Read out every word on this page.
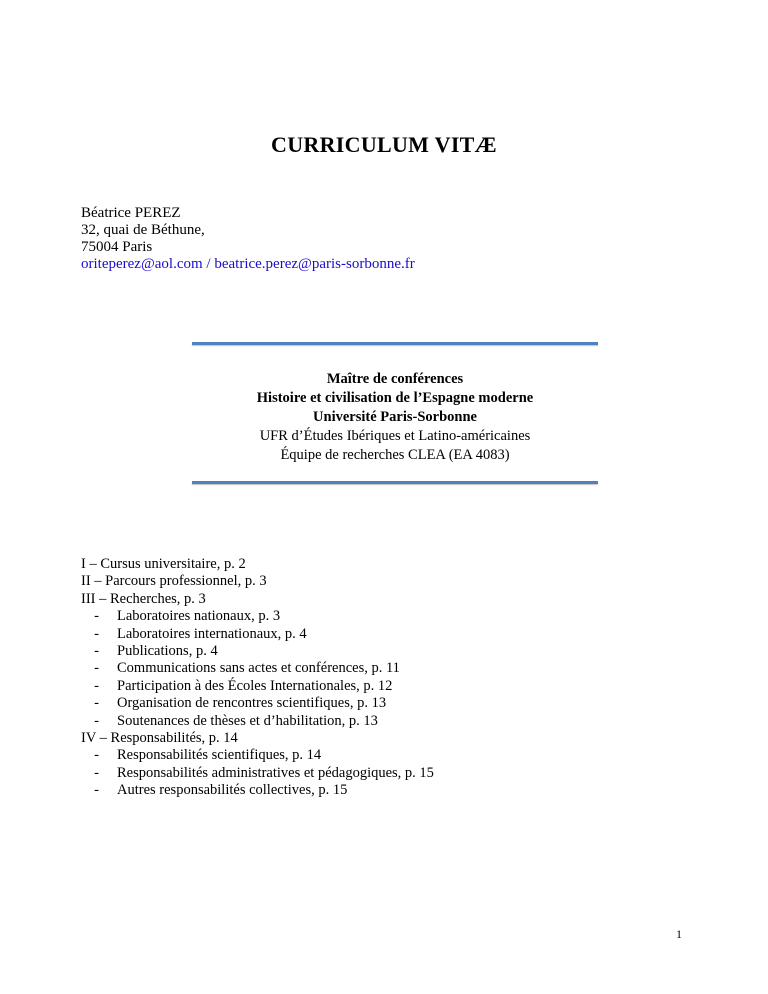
CURRICULUM VITÆ
Béatrice PEREZ
32, quai de Béthune,
75004 Paris
oriteperez@aol.com / beatrice.perez@paris-sorbonne.fr
Maître de conférences
Histoire et civilisation de l’Espagne moderne
Université Paris-Sorbonne
UFR d’Études Ibériques et Latino-américaines
Équipe de recherches CLEA (EA 4083)
I – Cursus universitaire, p. 2
II – Parcours professionnel, p. 3
III – Recherches, p. 3
-	Laboratoires nationaux, p. 3
-	Laboratoires internationaux, p. 4
-	Publications, p. 4
-	Communications sans actes et conférences, p. 11
-	Participation à des Écoles Internationales, p. 12
-	Organisation de rencontres scientifiques, p. 13
-	Soutenances de thèses et d’habilitation, p. 13
IV – Responsabilités, p. 14
-	Responsabilités scientifiques, p. 14
-	Responsabilités administratives et pédagogiques, p. 15
-	Autres responsabilités collectives, p. 15
1
